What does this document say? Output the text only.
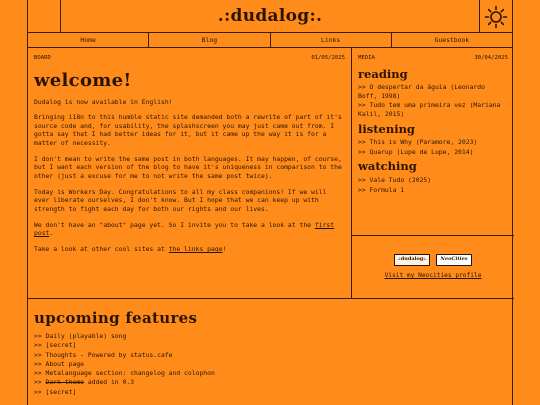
.:dudalog:.
Home	Blog	Links	Guestbook
BOARD	01/05/2025
welcome!

Dudalog is now available in English!

Bringing i18n to this humble static site demanded both a rewrite of part of it's source code and, for usability, the splashscreen you may just came out from. I gotta say that I had better ideas for it, but it came up the way it is for a matter of necessity.

I don't mean to write the same post in both languages. It may happen, of course, but I want each version of the blog to have it's uniqueness in comparison to the other (just a excuse for me to not write the same post twice).

Today is Workers Day. Congratulations to all my class companions! If we will ever liberate ourselves, I don't know. But I hope that we can keep up with strength to fight each day for both our rights and our lives.

We don't have an "about" page yet. So I invite you to take a look at the first post.

Take a look at other cool sites at the links page!

MEDIA	30/04/2025
reading
>> O despertar da águia (Leonardo Boff, 1998)
>> Tudo tem uma primeira vez (Mariana Kalil, 2015)
listening
>> This is Why (Paramore, 2023)
>> Quarup (Lupe de Lupe, 2014)
watching
>> Vale Tudo (2025)
>> Formula 1
.:dudalog:.	NeoCities
Visit my Neocities profile
upcoming features
>> Daily (playable) song
>> [secret]
>> Thoughts - Powered by status.cafe
>> About page
>> Metalanguage section: changelog and colophon
>> Dark theme added in 0.3
>> [secret]
